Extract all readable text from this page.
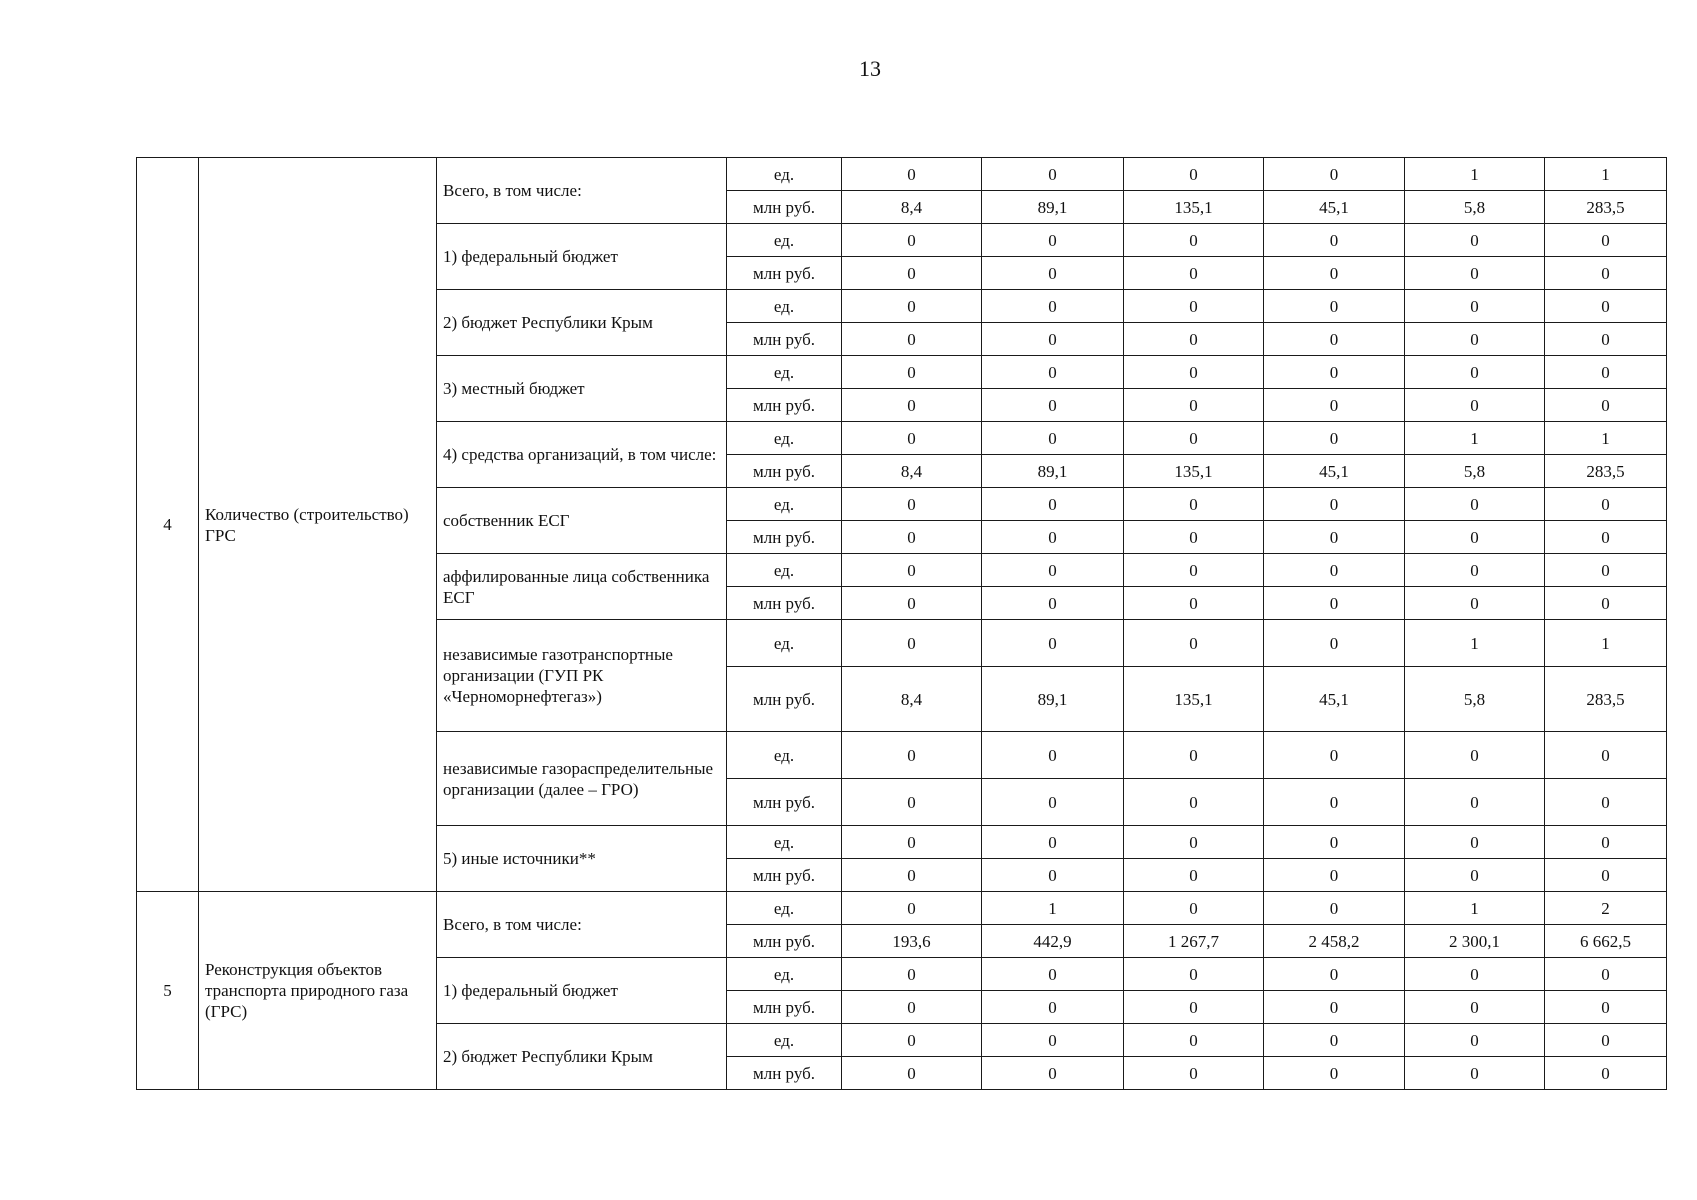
13
4	Количество (строительство) ГРС	Всего, в том числе:	ед.	0	0	0	0	1	1
			млн руб.	8,4	89,1	135,1	45,1	5,8	283,5
		1) федеральный бюджет	ед.	0	0	0	0	0	0
			млн руб.	0	0	0	0	0	0
		2) бюджет Республики Крым	ед.	0	0	0	0	0	0
			млн руб.	0	0	0	0	0	0
		3) местный бюджет	ед.	0	0	0	0	0	0
			млн руб.	0	0	0	0	0	0
		4) средства организаций, в том числе:	ед.	0	0	0	0	1	1
			млн руб.	8,4	89,1	135,1	45,1	5,8	283,5
		собственник ЕСГ	ед.	0	0	0	0	0	0
			млн руб.	0	0	0	0	0	0
		аффилированные лица собственника ЕСГ	ед.	0	0	0	0	0	0
			млн руб.	0	0	0	0	0	0
		независимые газотранспортные организации (ГУП РК «Черноморнефтегаз»)	ед.	0	0	0	0	1	1
			млн руб.	8,4	89,1	135,1	45,1	5,8	283,5
		независимые газораспределительные организации (далее – ГРО)	ед.	0	0	0	0	0	0
			млн руб.	0	0	0	0	0	0
		5) иные источники**	ед.	0	0	0	0	0	0
			млн руб.	0	0	0	0	0	0
5	Реконструкция объектов транспорта природного газа (ГРС)	Всего, в том числе:	ед.	0	1	0	0	1	2
			млн руб.	193,6	442,9	1 267,7	2 458,2	2 300,1	6 662,5
		1) федеральный бюджет	ед.	0	0	0	0	0	0
			млн руб.	0	0	0	0	0	0
		2) бюджет Республики Крым	ед.	0	0	0	0	0	0
			млн руб.	0	0	0	0	0	0
